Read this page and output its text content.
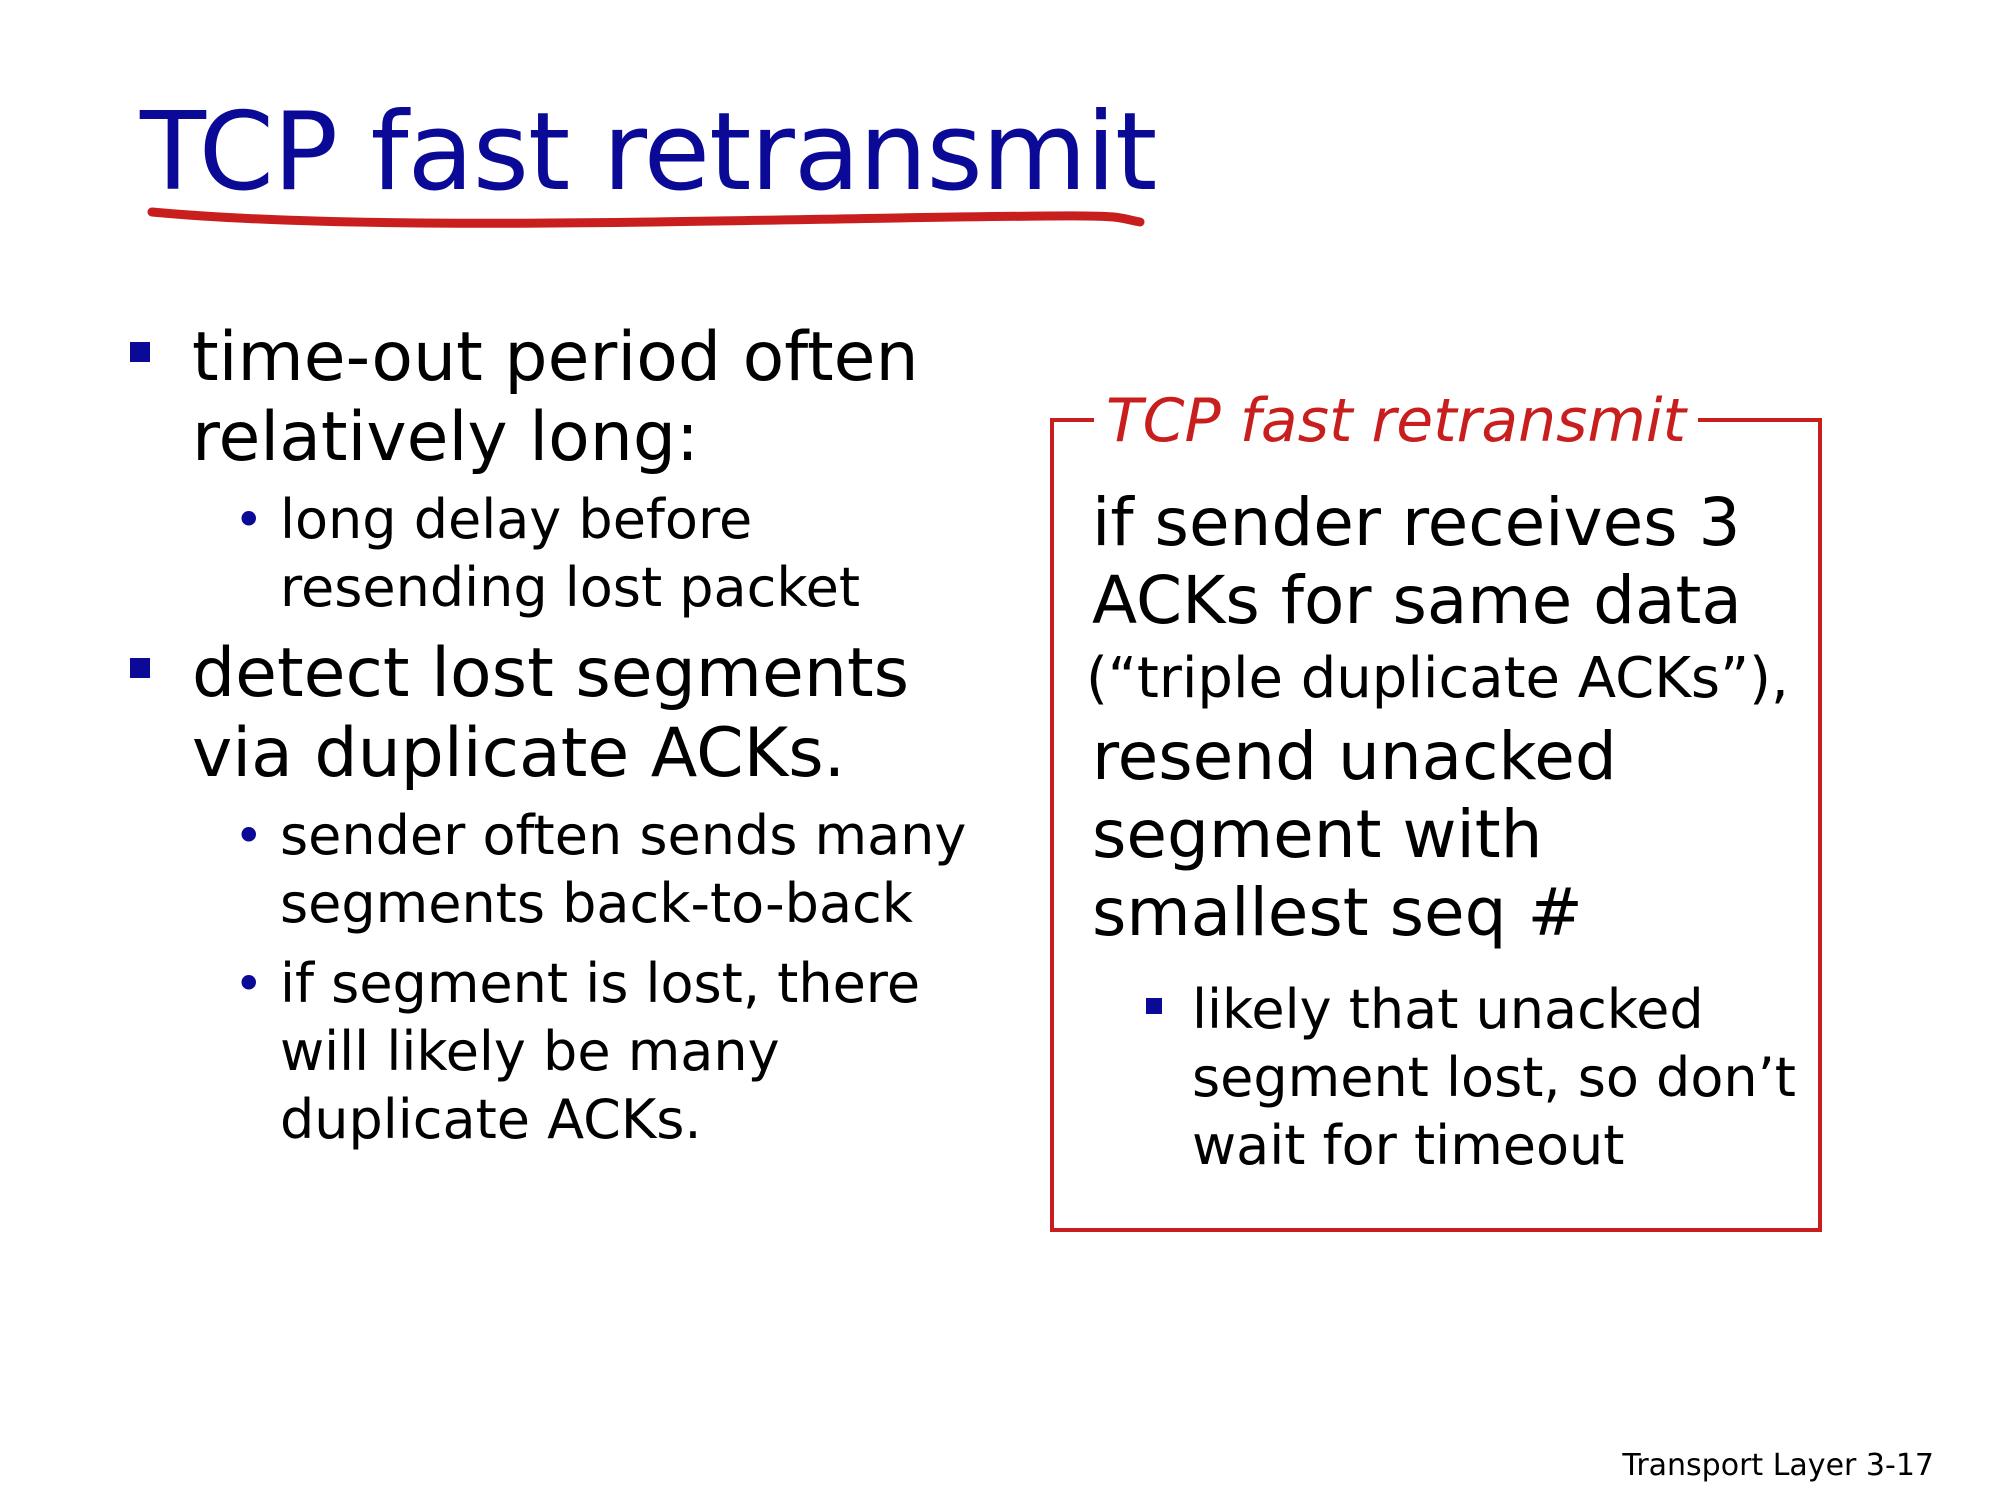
TCP fast retransmit
time-out period often relatively long:
• long delay before resending lost packet
detect lost segments via duplicate ACKs.
• sender often sends many segments back-to-back
• if segment is lost, there will likely be many duplicate ACKs.
TCP fast retransmit

if sender receives 3 ACKs for same data

(“triple duplicate ACKs”),

resend unacked segment with smallest seq #

likely that unacked segment lost, so don’t wait for timeout
Transport Layer 3-17
